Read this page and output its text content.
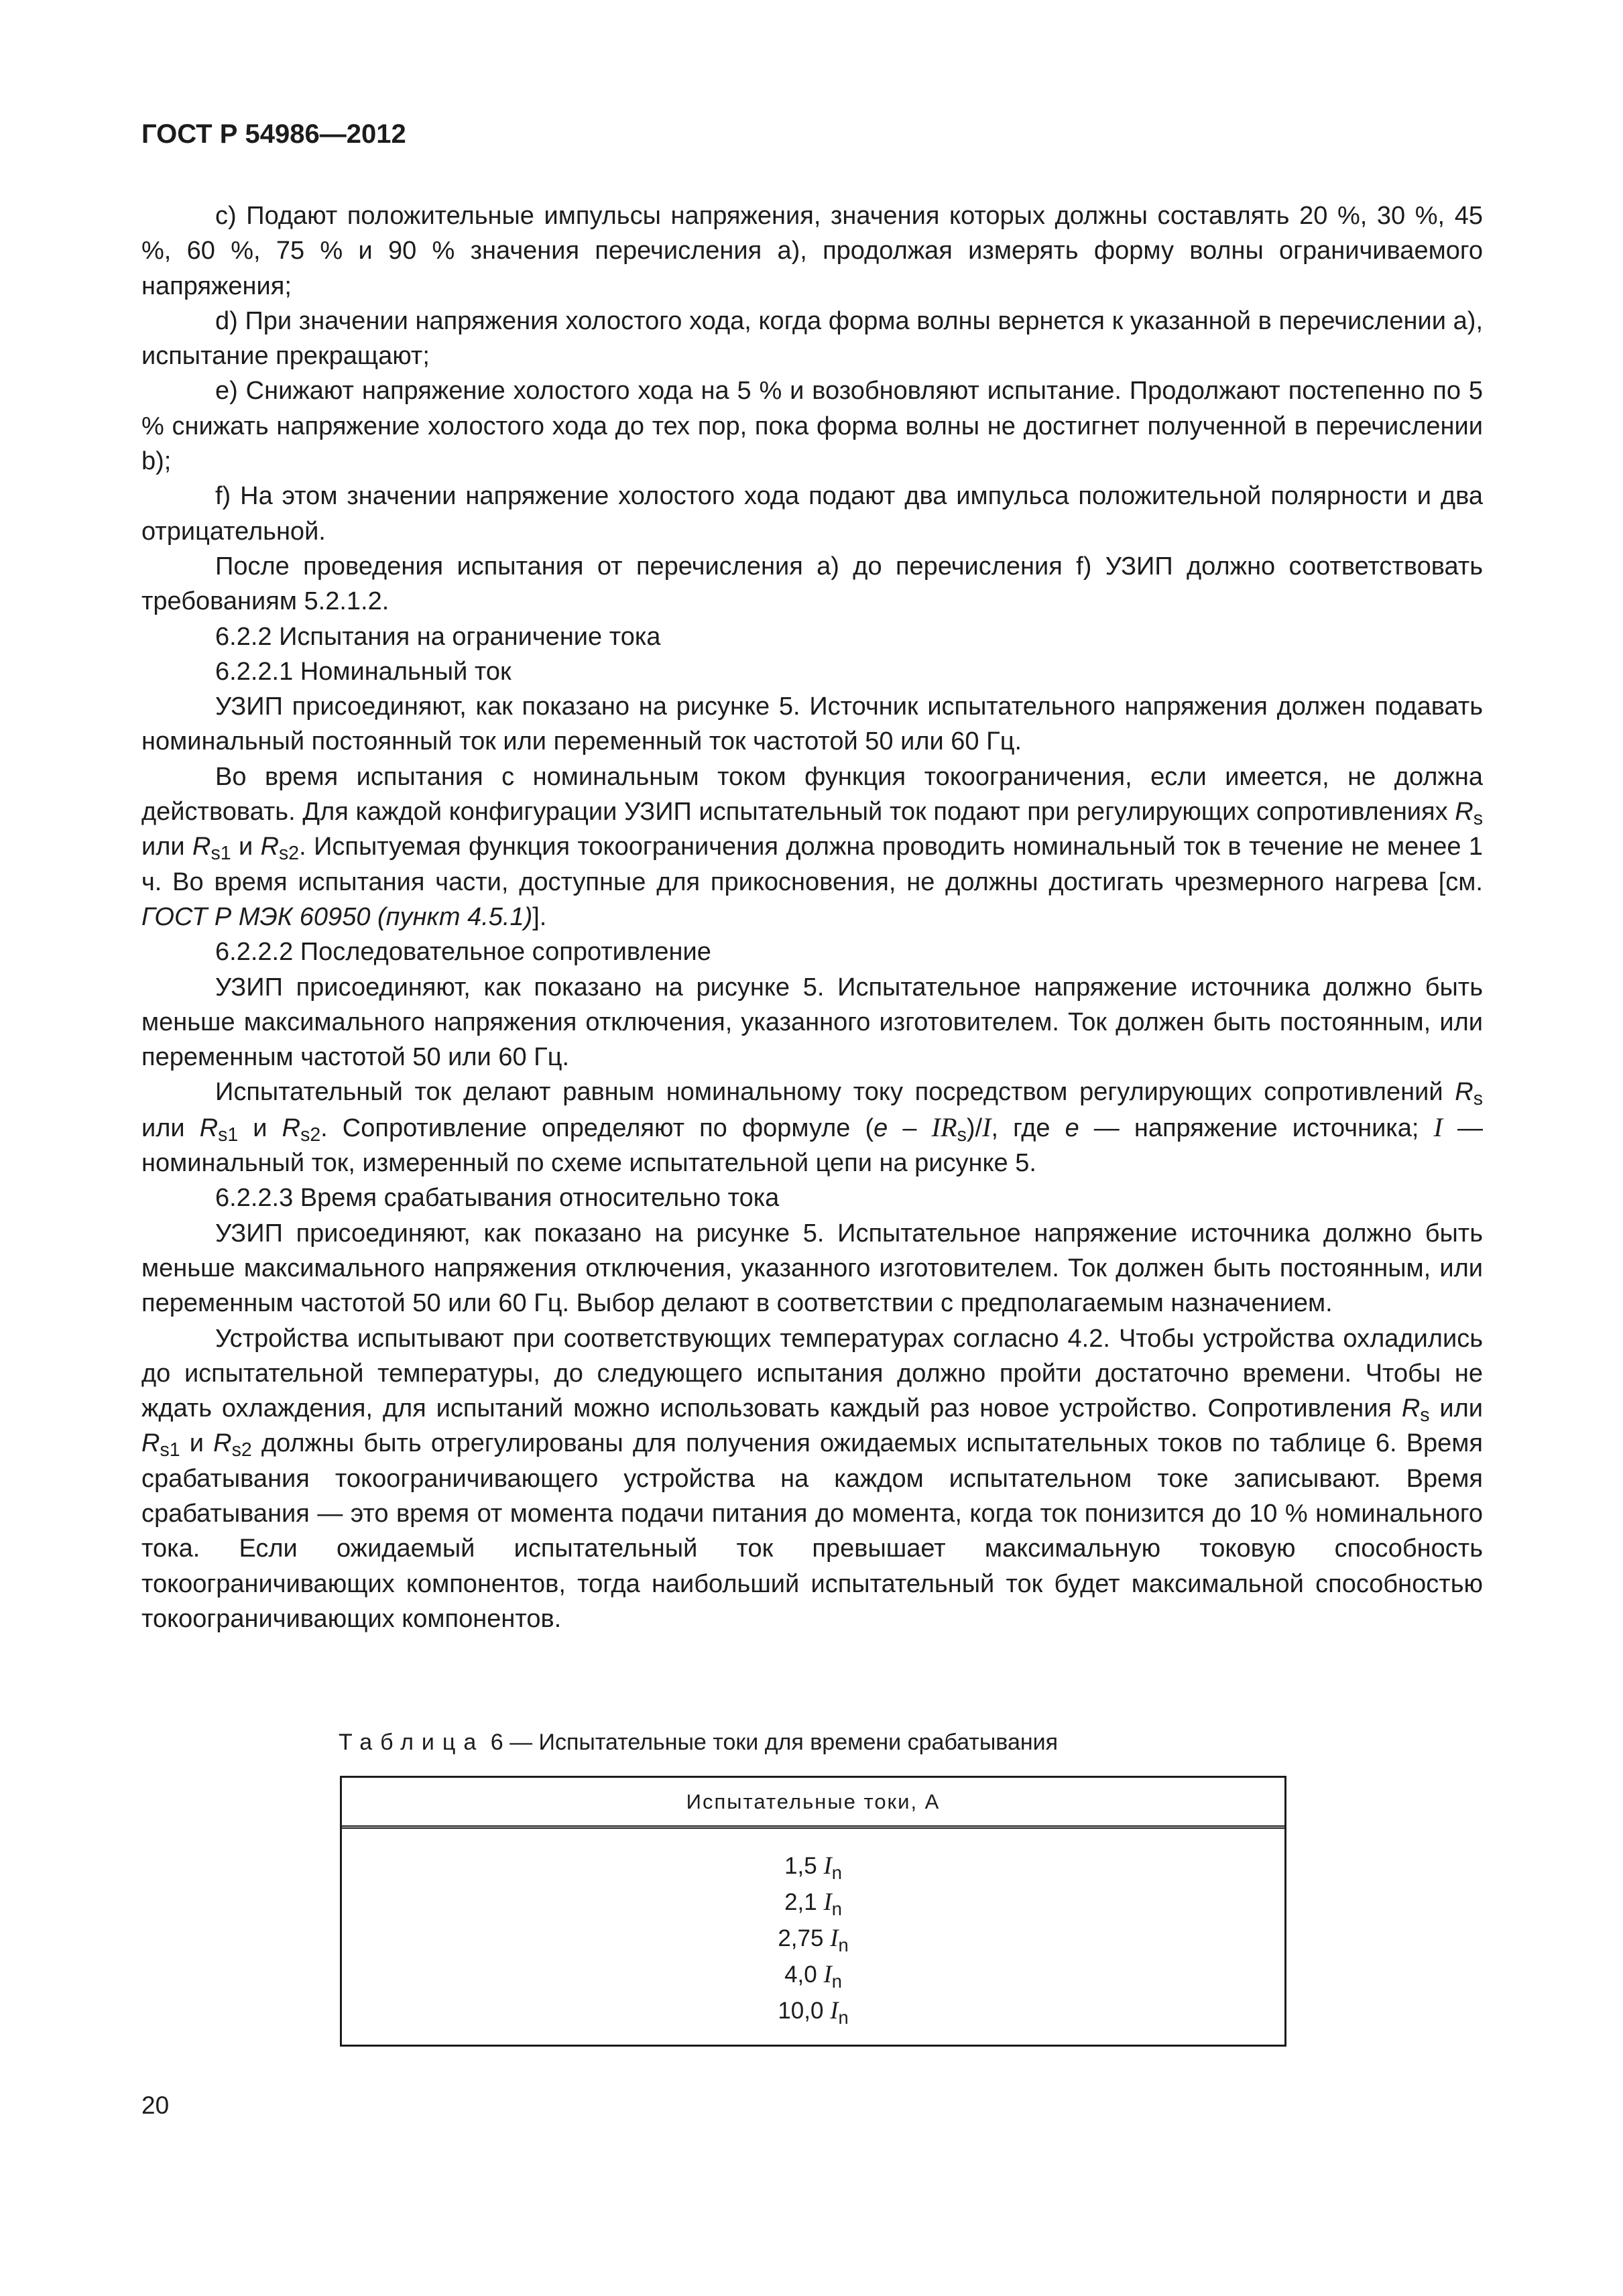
ГОСТ Р 54986—2012

c) Подают положительные импульсы напряжения, значения которых должны составлять 20 %, 30 %, 45 %, 60 %, 75 % и 90 % значения перечисления а), продолжая измерять форму волны ограничиваемого напряжения;

d) При значении напряжения холостого хода, когда форма волны вернется к указанной в перечислении а), испытание прекращают;

e) Снижают напряжение холостого хода на 5 % и возобновляют испытание. Продолжают постепенно по 5 % снижать напряжение холостого хода до тех пор, пока форма волны не достигнет полученной в перечислении b);

f) На этом значении напряжение холостого хода подают два импульса положительной полярности и два отрицательной.

После проведения испытания от перечисления а) до перечисления f) УЗИП должно соответствовать требованиям 5.2.1.2.

6.2.2 Испытания на ограничение тока

6.2.2.1 Номинальный ток

УЗИП присоединяют, как показано на рисунке 5. Источник испытательного напряжения должен подавать номинальный постоянный ток или переменный ток частотой 50 или 60 Гц.

Во время испытания с номинальным током функция токоограничения, если имеется, не должна действовать. Для каждой конфигурации УЗИП испытательный ток подают при регулирующих сопротивлениях $R_s$ или $R_{s1}$ и $R_{s2}$. Испытуемая функция токоограничения должна проводить номинальный ток в течение не менее 1 ч. Во время испытания части, доступные для прикосновения, не должны достигать чрезмерного нагрева [см. ГОСТ Р МЭК 60950 (пункт 4.5.1)].

6.2.2.2 Последовательное сопротивление

УЗИП присоединяют, как показано на рисунке 5. Испытательное напряжение источника должно быть меньше максимального напряжения отключения, указанного изготовителем. Ток должен быть постоянным, или переменным частотой 50 или 60 Гц.

Испытательный ток делают равным номинальному току посредством регулирующих сопротивлений $R_s$ или $R_{s1}$ и $R_{s2}$. Сопротивление определяют по формуле $(e - IR_s)/I$, где e — напряжение источника; I — номинальный ток, измеренный по схеме испытательной цепи на рисунке 5.

6.2.2.3 Время срабатывания относительно тока

УЗИП присоединяют, как показано на рисунке 5. Испытательное напряжение источника должно быть меньше максимального напряжения отключения, указанного изготовителем. Ток должен быть постоянным, или переменным частотой 50 или 60 Гц. Выбор делают в соответствии с предполагаемым назначением.

Устройства испытывают при соответствующих температурах согласно 4.2. Чтобы устройства охладились до испытательной температуры, до следующего испытания должно пройти достаточно времени. Чтобы не ждать охлаждения, для испытаний можно использовать каждый раз новое устройство. Сопротивления $R_s$ или $R_{s1}$ и $R_{s2}$ должны быть отрегулированы для получения ожидаемых испытательных токов по таблице 6. Время срабатывания токоограничивающего устройства на каждом испытательном токе записывают. Время срабатывания — это время от момента подачи питания до момента, когда ток понизится до 10 % номинального тока. Если ожидаемый испытательный ток превышает максимальную токовую способность токоограничивающих компонентов, тогда наибольший испытательный ток будет максимальной способностью токоограничивающих компонентов.

Таблица 6 — Испытательные токи для времени срабатывания
Испытательные токи, А
1,5 $I_n$
2,1 $I_n$
2,75 $I_n$
4,0 $I_n$
10,0 $I_n$

20
